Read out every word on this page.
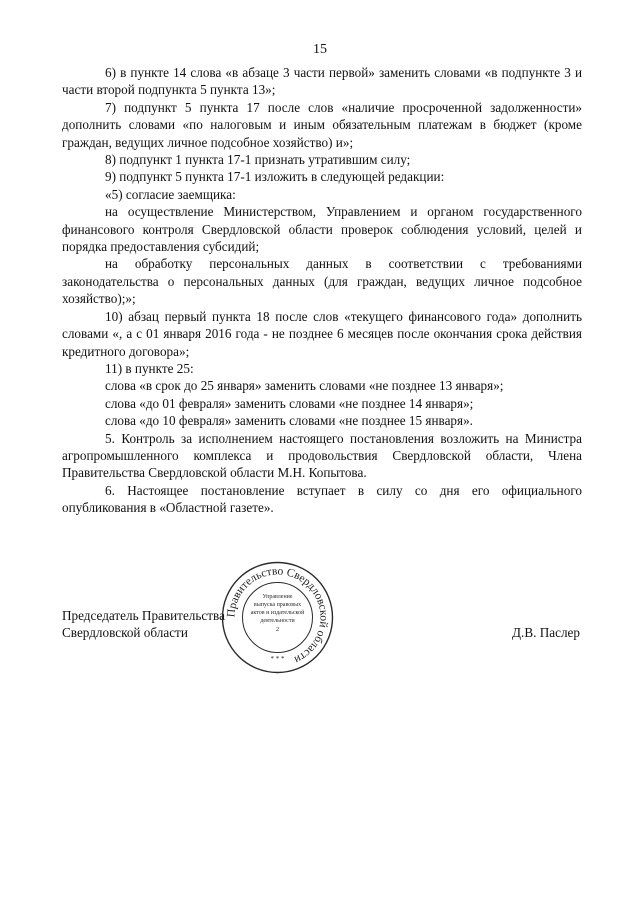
15

6) в пункте 14 слова «в абзаце 3 части первой» заменить словами «в подпункте 3 и части второй подпункта 5 пункта 13»;

7) подпункт 5 пункта 17 после слов «наличие просроченной задолженности» дополнить словами «по налоговым и иным обязательным платежам в бюджет (кроме граждан, ведущих личное подсобное хозяйство) и»;

8) подпункт 1 пункта 17-1 признать утратившим силу;

9) подпункт 5 пункта 17-1 изложить в следующей редакции:

«5) согласие заемщика:

на осуществление Министерством, Управлением и органом государственного финансового контроля Свердловской области проверок соблюдения условий, целей и порядка предоставления субсидий;

на обработку персональных данных в соответствии с требованиями законодательства о персональных данных (для граждан, ведущих личное подсобное хозяйство);»;

10) абзац первый пункта 18 после слов «текущего финансового года» дополнить словами «, а с 01 января 2016 года - не позднее 6 месяцев после окончания срока действия кредитного договора»;

11) в пункте 25:

слова «в срок до 25 января» заменить словами «не позднее 13 января»;

слова «до 01 февраля» заменить словами «не позднее 14 января»;

слова «до 10 февраля» заменить словами «не позднее 15 января».

5. Контроль за исполнением настоящего постановления возложить на Министра агропромышленного комплекса и продовольствия Свердловской области, Члена Правительства Свердловской области М.Н. Копытова.

6. Настоящее постановление вступает в силу со дня его официального опубликования в «Областной газете».

Председатель Правительства
Свердловской области
Правительство Свердловской области
Управление
выпуска правовых
актов и издательской
деятельности
2
* * *
Д.В. Паслер
